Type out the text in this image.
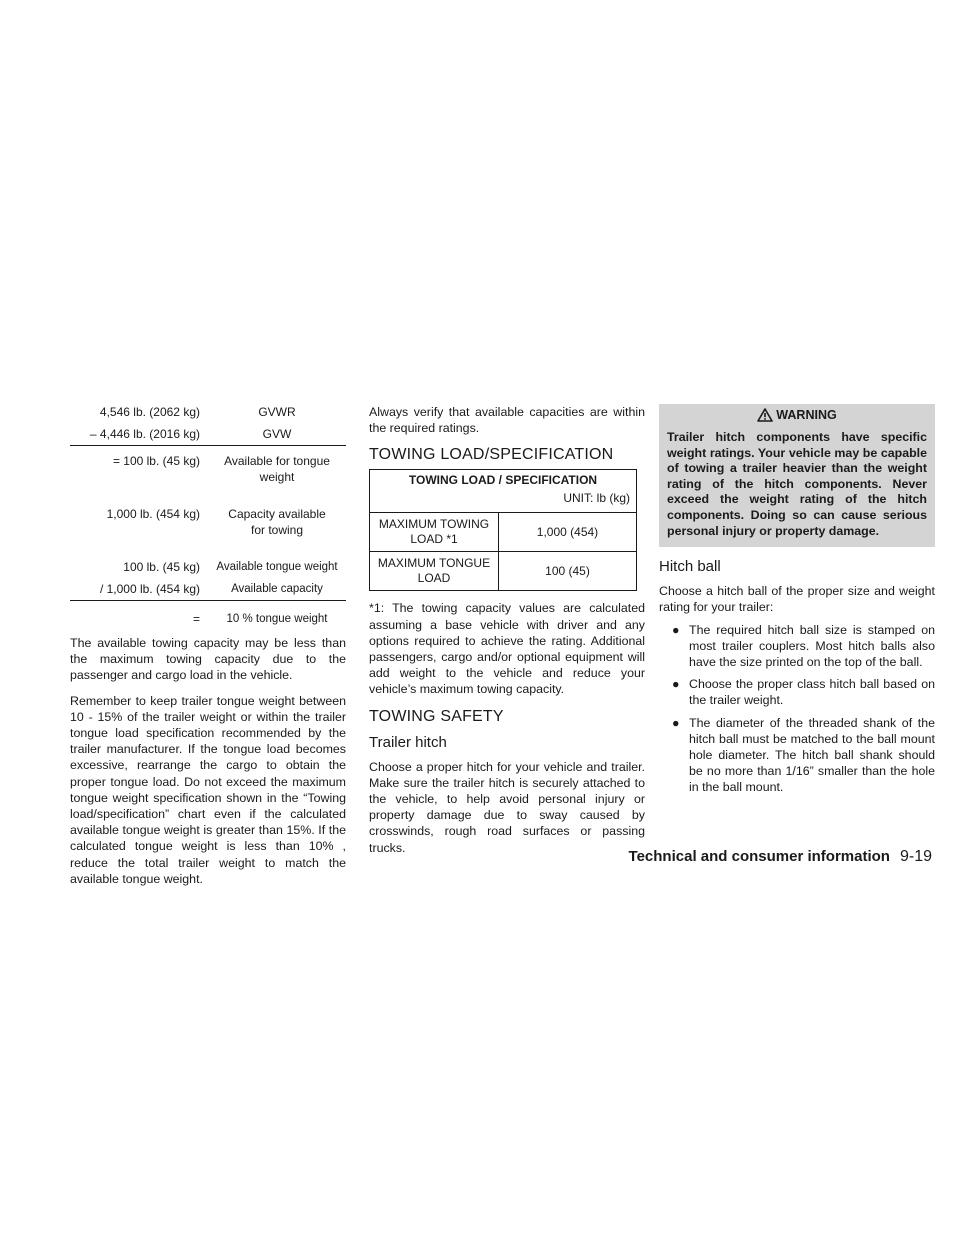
4,546 lb. (2062 kg)	GVWR
– 4,446 lb. (2016 kg)	GVW
= 100 lb. (45 kg)	Available for tongue weight
1,000 lb. (454 kg)	Capacity available for towing
100 lb. (45 kg)	Available tongue weight
/ 1,000 lb. (454 kg)	Available capacity
=	10 % tongue weight

The available towing capacity may be less than the maximum towing capacity due to the passenger and cargo load in the vehicle.

Remember to keep trailer tongue weight between 10 - 15% of the trailer weight or within the trailer tongue load specification recommended by the trailer manufacturer. If the tongue load becomes excessive, rearrange the cargo to obtain the proper tongue load. Do not exceed the maximum tongue weight specification shown in the “Towing load/specification” chart even if the calculated available tongue weight is greater than 15%. If the calculated tongue weight is less than 10% , reduce the total trailer weight to match the available tongue weight.

Always verify that available capacities are within the required ratings.

TOWING LOAD/SPECIFICATION
TOWING LOAD / SPECIFICATION	
UNIT: lb (kg)	
MAXIMUM TOWING LOAD *1	1,000 (454)
MAXIMUM TONGUE LOAD	100 (45)

*1: The towing capacity values are calculated assuming a base vehicle with driver and any options required to achieve the rating. Additional passengers, cargo and/or optional equipment will add weight to the vehicle and reduce your vehicle’s maximum towing capacity.

TOWING SAFETY
Trailer hitch

Choose a proper hitch for your vehicle and trailer. Make sure the trailer hitch is securely attached to the vehicle, to help avoid personal injury or property damage due to sway caused by crosswinds, rough road surfaces or passing trucks.

WARNING

Trailer hitch components have specific weight ratings. Your vehicle may be capable of towing a trailer heavier than the weight rating of the hitch components. Never exceed the weight rating of the hitch components. Doing so can cause serious personal injury or property damage.

Hitch ball

Choose a hitch ball of the proper size and weight rating for your trailer:

● The required hitch ball size is stamped on most trailer couplers. Most hitch balls also have the size printed on the top of the ball.
● Choose the proper class hitch ball based on the trailer weight.
● The diameter of the threaded shank of the hitch ball must be matched to the ball mount hole diameter. The hitch ball shank should be no more than 1/16” smaller than the hole in the ball mount.
Technical and consumer information 9-19
